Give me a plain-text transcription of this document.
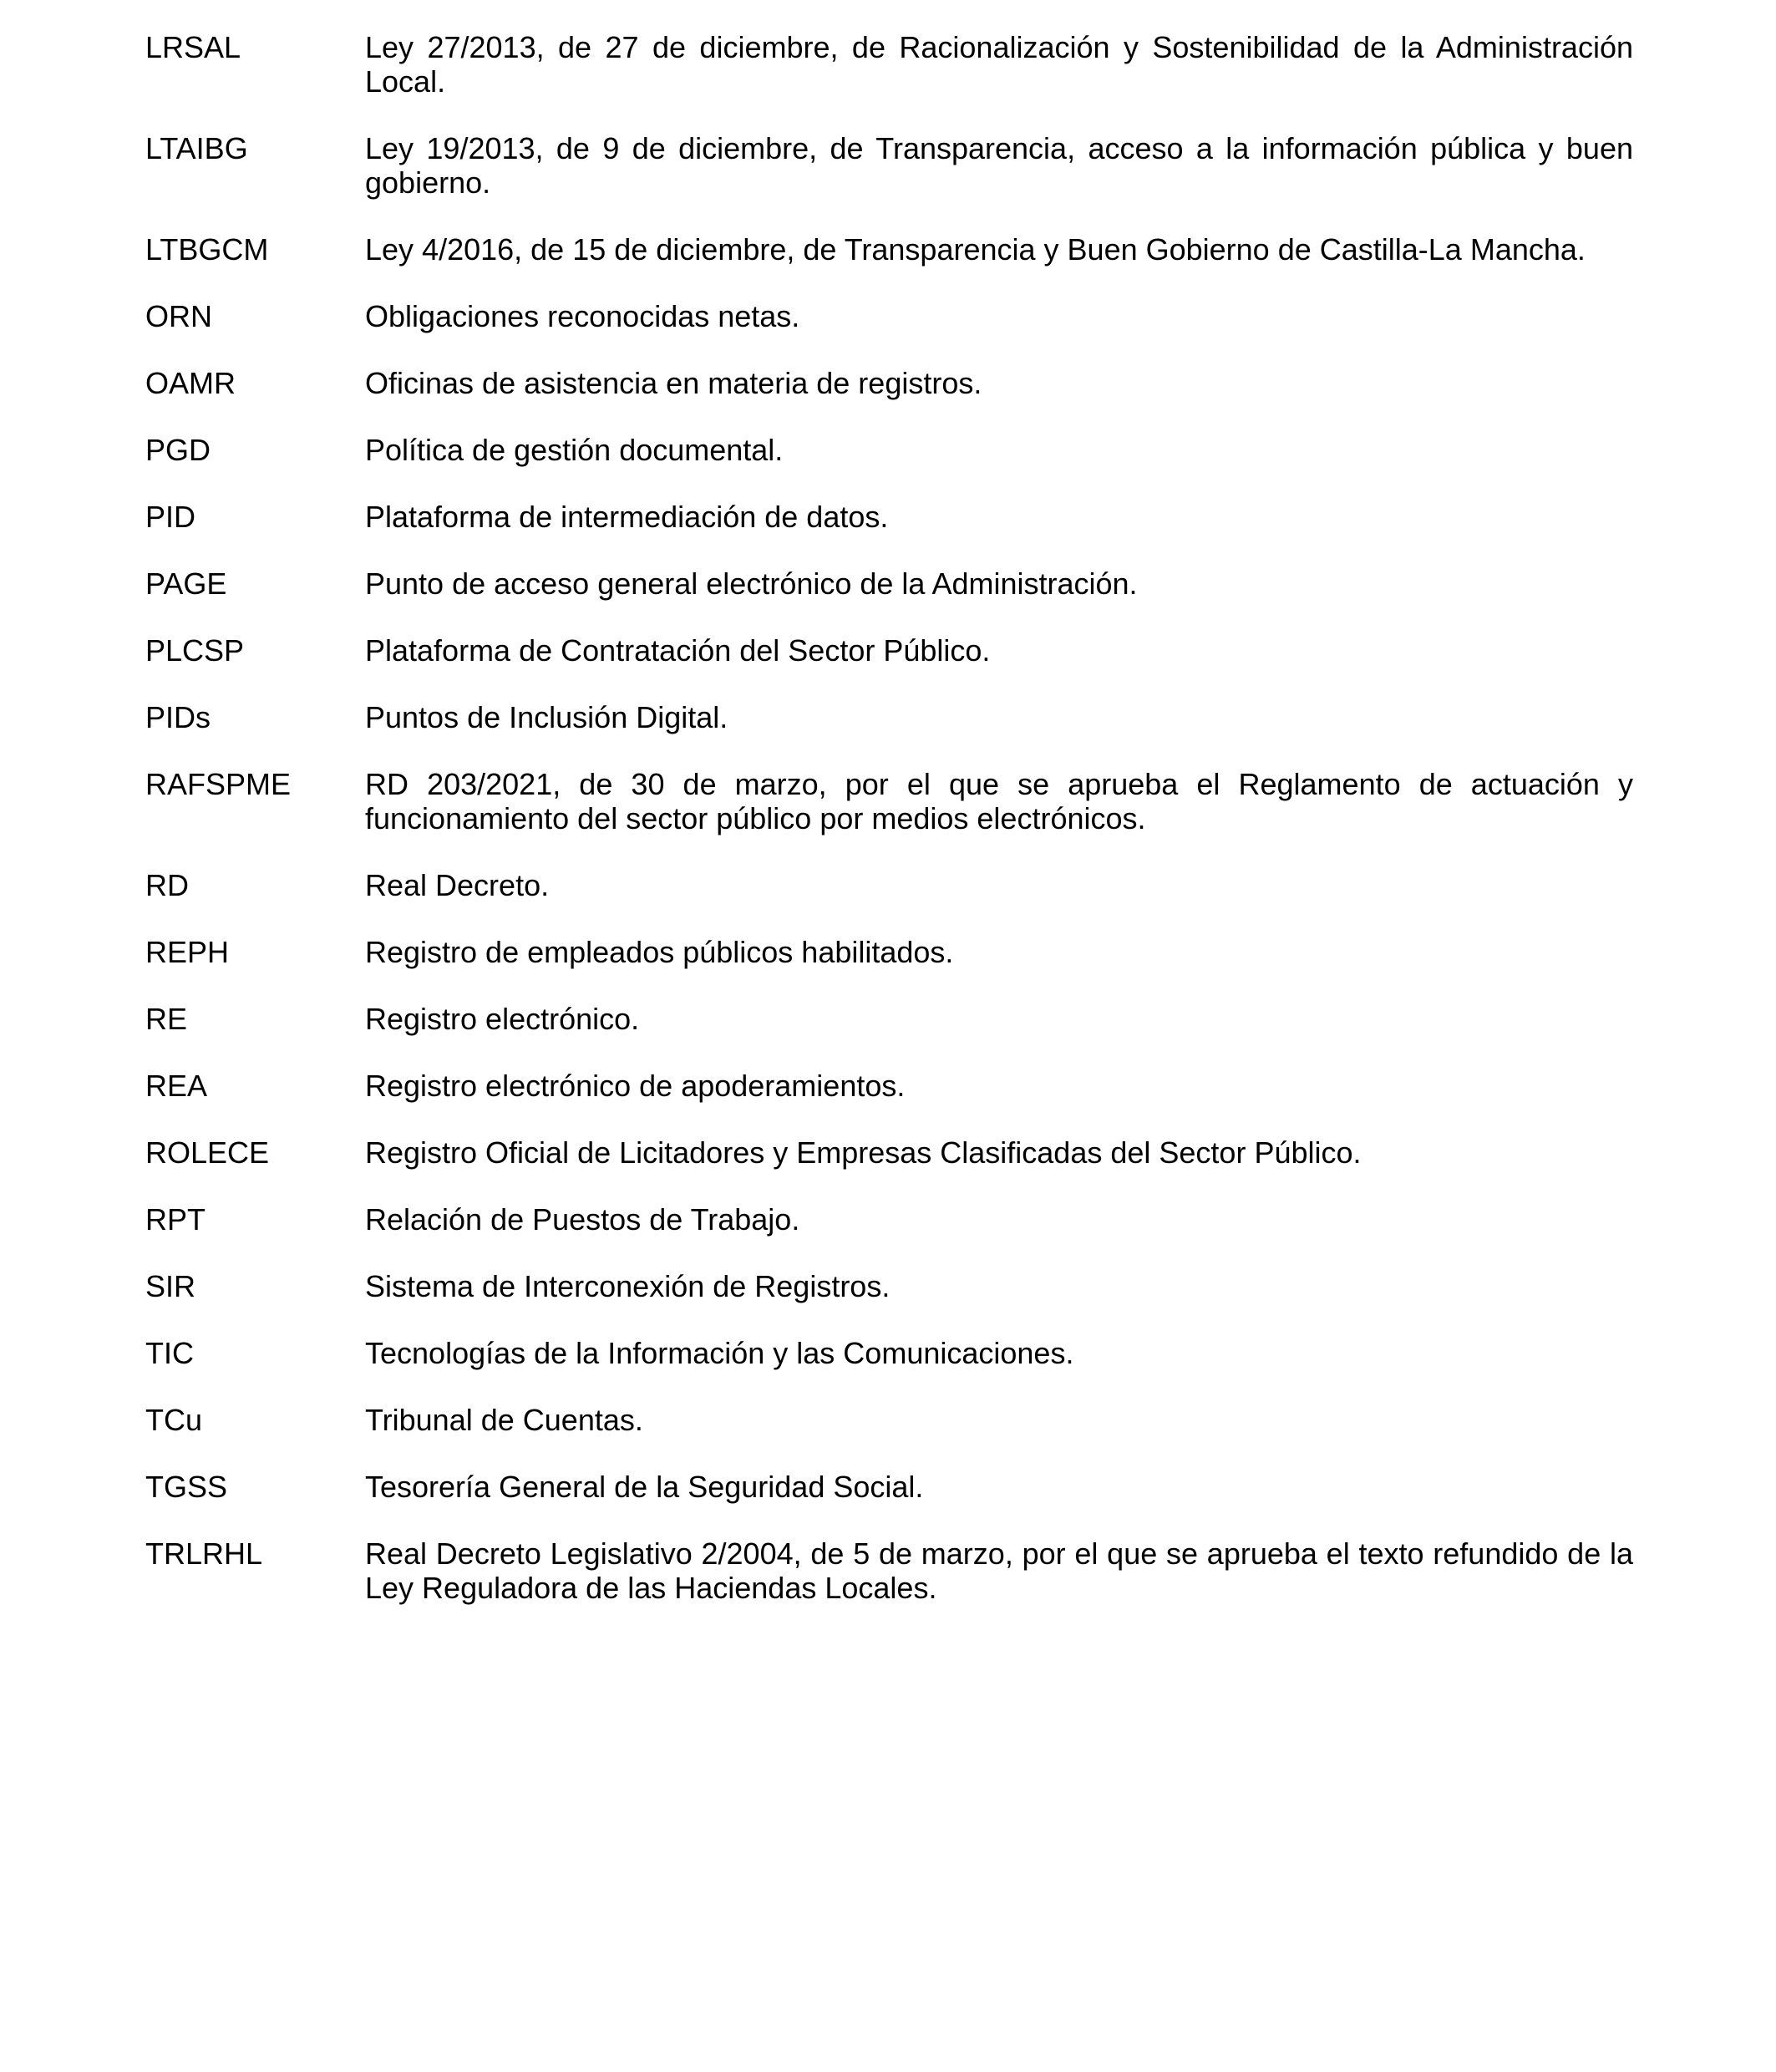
LRSAL	Ley 27/2013, de 27 de diciembre, de Racionalización y Sostenibilidad de la Administración Local.
LTAIBG	Ley 19/2013, de 9 de diciembre, de Transparencia, acceso a la información pública y buen gobierno.
LTBGCM	Ley 4/2016, de 15 de diciembre, de Transparencia y Buen Gobierno de Castilla-La Mancha.
ORN	Obligaciones reconocidas netas.
OAMR	Oficinas de asistencia en materia de registros.
PGD	Política de gestión documental.
PID	Plataforma de intermediación de datos.
PAGE	Punto de acceso general electrónico de la Administración.
PLCSP	Plataforma de Contratación del Sector Público.
PIDs	Puntos de Inclusión Digital.
RAFSPME	RD 203/2021, de 30 de marzo, por el que se aprueba el Reglamento de actuación y funcionamiento del sector público por medios electrónicos.
RD	Real Decreto.
REPH	Registro de empleados públicos habilitados.
RE	Registro electrónico.
REA	Registro electrónico de apoderamientos.
ROLECE	Registro Oficial de Licitadores y Empresas Clasificadas del Sector Público.
RPT	Relación de Puestos de Trabajo.
SIR	Sistema de Interconexión de Registros.
TIC	Tecnologías de la Información y las Comunicaciones.
TCu	Tribunal de Cuentas.
TGSS	Tesorería General de la Seguridad Social.
TRLRHL	Real Decreto Legislativo 2/2004, de 5 de marzo, por el que se aprueba el texto refundido de la Ley Reguladora de las Haciendas Locales.
